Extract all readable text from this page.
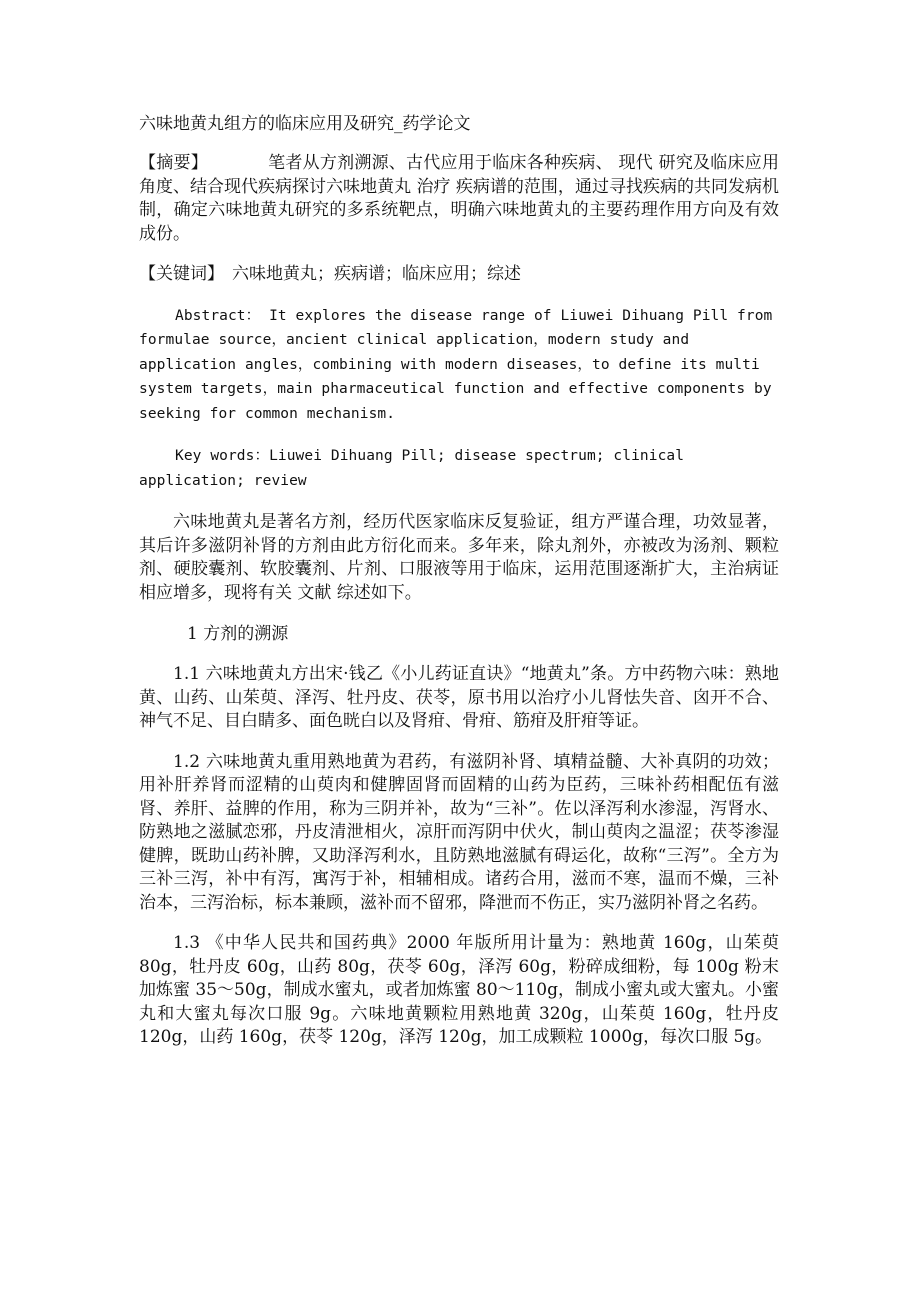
六味地黄丸组方的临床应用及研究_药学论文

【摘要】	笔者从方剂溯源、古代应用于临床各种疾病、 现代 研究及临床应用角度、结合现代疾病探讨六味地黄丸 治疗 疾病谱的范围，通过寻找疾病的共同发病机制，确定六味地黄丸研究的多系统靶点，明确六味地黄丸的主要药理作用方向及有效成份。

【关键词】 六味地黄丸；疾病谱；临床应用；综述

Abstract： It explores the disease range of Liuwei Dihuang Pill from formulae source，ancient clinical application，modern study and application angles，combining with modern diseases，to define its multi system targets，main pharmaceutical function and effective components by seeking for common mechanism.

Key words：Liuwei Dihuang Pill; disease spectrum; clinical application; review

六味地黄丸是著名方剂，经历代医家临床反复验证，组方严谨合理，功效显著，其后许多滋阴补肾的方剂由此方衍化而来。多年来，除丸剂外，亦被改为汤剂、颗粒剂、硬胶囊剂、软胶囊剂、片剂、口服液等用于临床，运用范围逐渐扩大，主治病证相应增多，现将有关 文献 综述如下。

1 方剂的溯源

1.1 六味地黄丸方出宋·钱乙《小儿药证直诀》“地黄丸”条。方中药物六味：熟地黄、山药、山茱萸、泽泻、牡丹皮、茯苓，原书用以治疗小儿肾怯失音、囟开不合、神气不足、目白睛多、面色晄白以及肾疳、骨疳、筋疳及肝疳等证。

1.2 六味地黄丸重用熟地黄为君药，有滋阴补肾、填精益髓、大补真阴的功效；用补肝养肾而涩精的山萸肉和健脾固肾而固精的山药为臣药，三味补药相配伍有滋肾、养肝、益脾的作用，称为三阴并补，故为“三补”。佐以泽泻利水渗湿，泻肾水、防熟地之滋腻恋邪，丹皮清泄相火，凉肝而泻阴中伏火，制山萸肉之温涩；茯苓渗湿健脾，既助山药补脾，又助泽泻利水，且防熟地滋腻有碍运化，故称“三泻”。全方为三补三泻，补中有泻，寓泻于补，相辅相成。诸药合用，滋而不寒，温而不燥，三补治本，三泻治标，标本兼顾，滋补而不留邪，降泄而不伤正，实乃滋阴补肾之名药。

1.3 《中华人民共和国药典》2000 年版所用计量为：熟地黄 160g，山茱萸 80g，牡丹皮 60g，山药 80g，茯苓 60g，泽泻 60g，粉碎成细粉，每 100g 粉末加炼蜜 35～50g，制成水蜜丸，或者加炼蜜 80～110g，制成小蜜丸或大蜜丸。小蜜丸和大蜜丸每次口服 9g。六味地黄颗粒用熟地黄 320g，山茱萸 160g，牡丹皮 120g，山药 160g，茯苓 120g，泽泻 120g，加工成颗粒 1000g，每次口服 5g。
